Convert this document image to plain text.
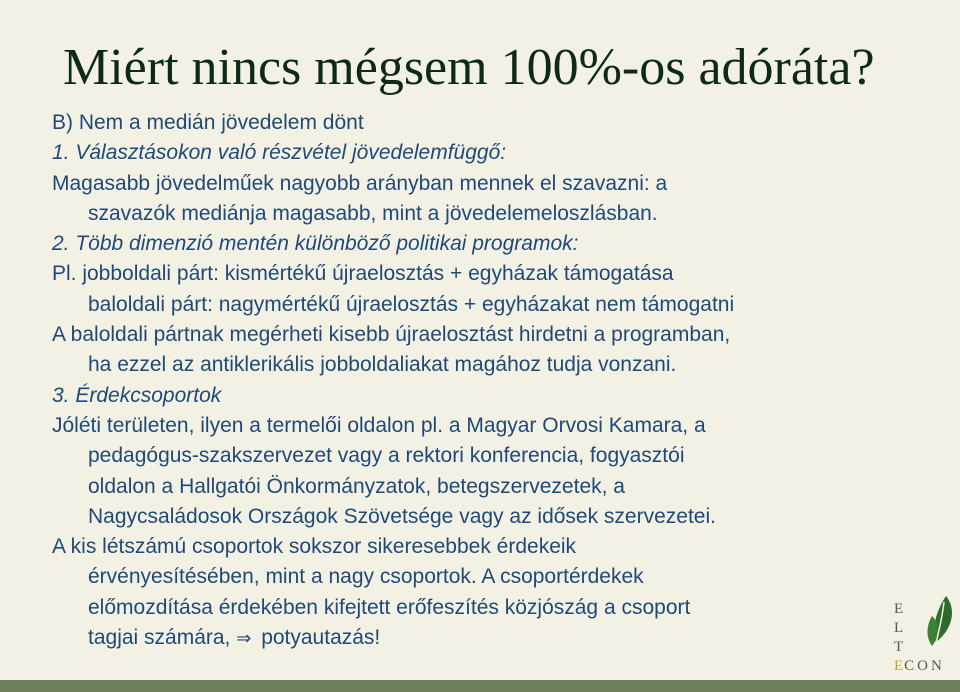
Miért nincs mégsem 100%-os adóráta?
B) Nem a medián jövedelem dönt
1. Választásokon való részvétel jövedelemfüggő:
Magasabb jövedelműek nagyobb arányban mennek el szavazni: a
szavazók mediánja magasabb, mint a jövedelemeloszlásban.
2. Több dimenzió mentén különböző politikai programok:
Pl. jobboldali párt: kismértékű újraelosztás + egyházak támogatása
baloldali párt: nagymértékű újraelosztás + egyházakat nem támogatni
A baloldali pártnak megérheti kisebb újraelosztást hirdetni a programban,
ha ezzel az antiklerikális jobboldaliakat magához tudja vonzani.
3. Érdekcsoportok
Jóléti területen, ilyen a termelői oldalon pl. a Magyar Orvosi Kamara, a
pedagógus-szakszervezet vagy a rektori konferencia, fogyasztói
oldalon a Hallgatói Önkormányzatok, betegszervezetek, a
Nagycsaládosok Országok Szövetsége vagy az idősek szervezetei.
A kis létszámú csoportok sokszor sikeresebbek érdekeik
érvényesítésében, mint a nagy csoportok. A csoportérdekek
előmozdítása érdekében kifejtett erőfeszítés közjószág a csoport
tagjai számára, ⇒ potyautazás!
E
L
T
ECON
